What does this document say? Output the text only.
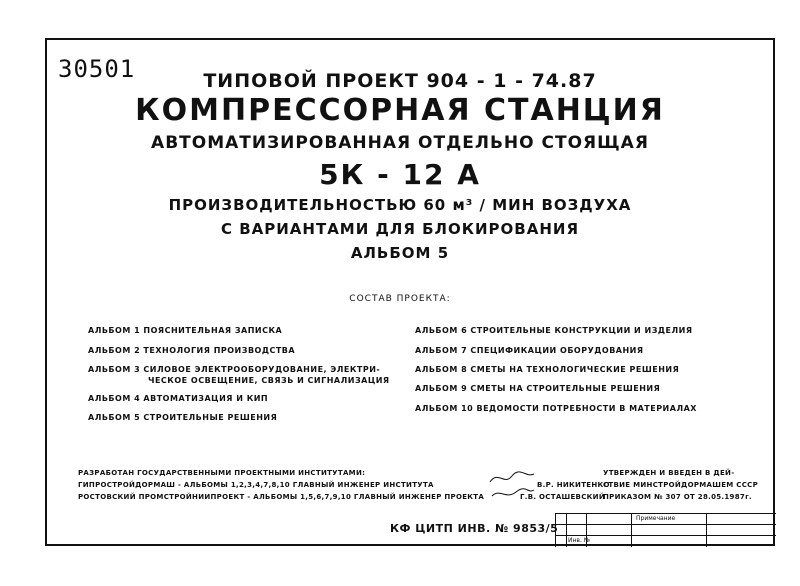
30501	ТИПОВОЙ ПРОЕКТ 904 - 1 - 74.87
КОМПРЕССОРНАЯ СТАНЦИЯ
АВТОМАТИЗИРОВАННАЯ ОТДЕЛЬНО СТОЯЩАЯ
5К - 12 А
ПРОИЗВОДИТЕЛЬНОСТЬЮ 60 м³ / МИН ВОЗДУХА
С ВАРИАНТАМИ ДЛЯ БЛОКИРОВАНИЯ
АЛЬБОМ 5
СОСТАВ ПРОЕКТА:
АЛЬБОМ 1 ПОЯСНИТЕЛЬНАЯ ЗАПИСКА
АЛЬБОМ 2 ТЕХНОЛОГИЯ ПРОИЗВОДСТВА
АЛЬБОМ 3 СИЛОВОЕ ЭЛЕКТРООБОРУДОВАНИЕ, ЭЛЕКТРИ-
ЧЕСКОЕ ОСВЕЩЕНИЕ, СВЯЗЬ И СИГНАЛИЗАЦИЯ
АЛЬБОМ 4 АВТОМАТИЗАЦИЯ И КИП
АЛЬБОМ 5 СТРОИТЕЛЬНЫЕ РЕШЕНИЯ
АЛЬБОМ 6 СТРОИТЕЛЬНЫЕ КОНСТРУКЦИИ И ИЗДЕЛИЯ
АЛЬБОМ 7 СПЕЦИФИКАЦИИ ОБОРУДОВАНИЯ
АЛЬБОМ 8 СМЕТЫ НА ТЕХНОЛОГИЧЕСКИЕ РЕШЕНИЯ
АЛЬБОМ 9 СМЕТЫ НА СТРОИТЕЛЬНЫЕ РЕШЕНИЯ
АЛЬБОМ 10 ВЕДОМОСТИ ПОТРЕБНОСТИ В МАТЕРИАЛАХ
РАЗРАБОТАН ГОСУДАРСТВЕННЫМИ ПРОЕКТНЫМИ ИНСТИТУТАМИ:
ГИПРОСТРОЙДОРМАШ - АЛЬБОМЫ 1,2,3,4,7,8,10 ГЛАВНЫЙ ИНЖЕНЕР ИНСТИТУТА	В.Р. НИКИТЕНКО
РОСТОВСКИЙ ПРОМСТРОЙНИИПРОЕКТ - АЛЬБОМЫ 1,5,6,7,9,10 ГЛАВНЫЙ ИНЖЕНЕР ПРОЕКТА	Г.В. ОСТАШЕВСКИЙ
УТВЕРЖДЕН И ВВЕДЕН В ДЕЙ-
СТВИЕ МИНСТРОЙДОРМАШЕМ СССР
ПРИКАЗОМ № 307 ОТ 28.05.1987г.
КФ ЦИТП ИНВ. № 9853/5
Примечание
Инв. №
